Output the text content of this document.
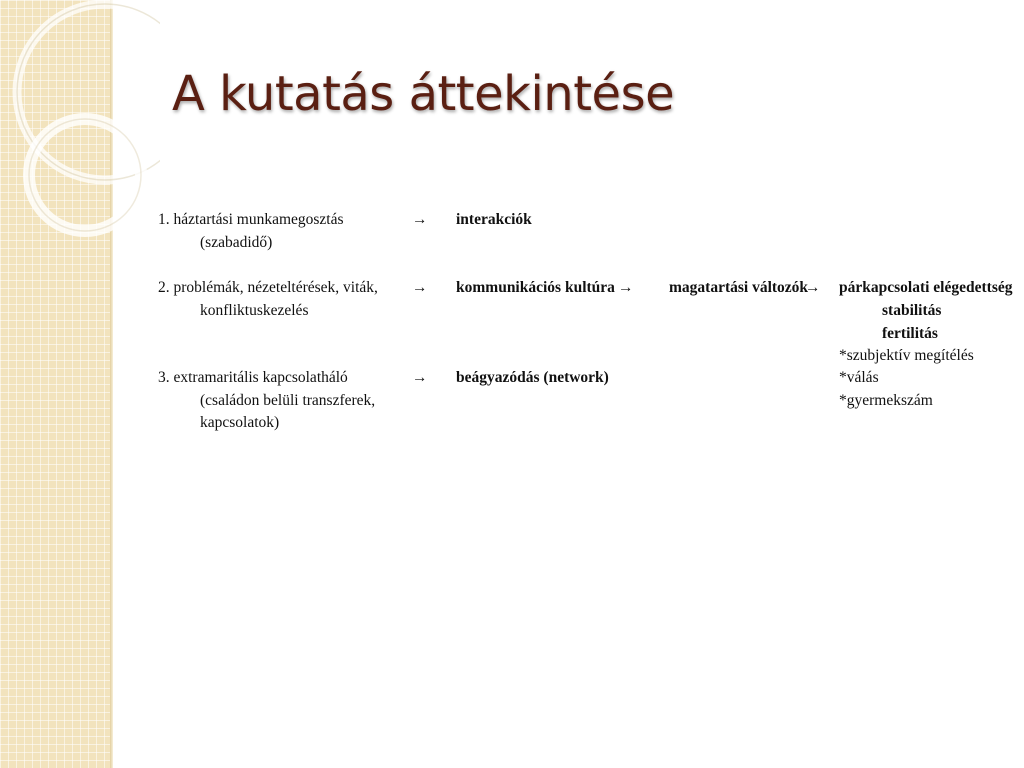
A kutatás áttekintése
1. háztartási munkamegosztás
(szabadidő)
→ interakciók
2. problémák, nézeteltérések, viták,
konfliktuskezelés
→ kommunikációs kultúra → magatartási változók
→ párkapcsolati elégedettség
stabilitás
fertilitás
*szubjektív megítélés
*válás
*gyermekszám
3. extramaritális kapcsolatháló
(családon belüli transzferek,
kapcsolatok)
→ beágyazódás (network)
